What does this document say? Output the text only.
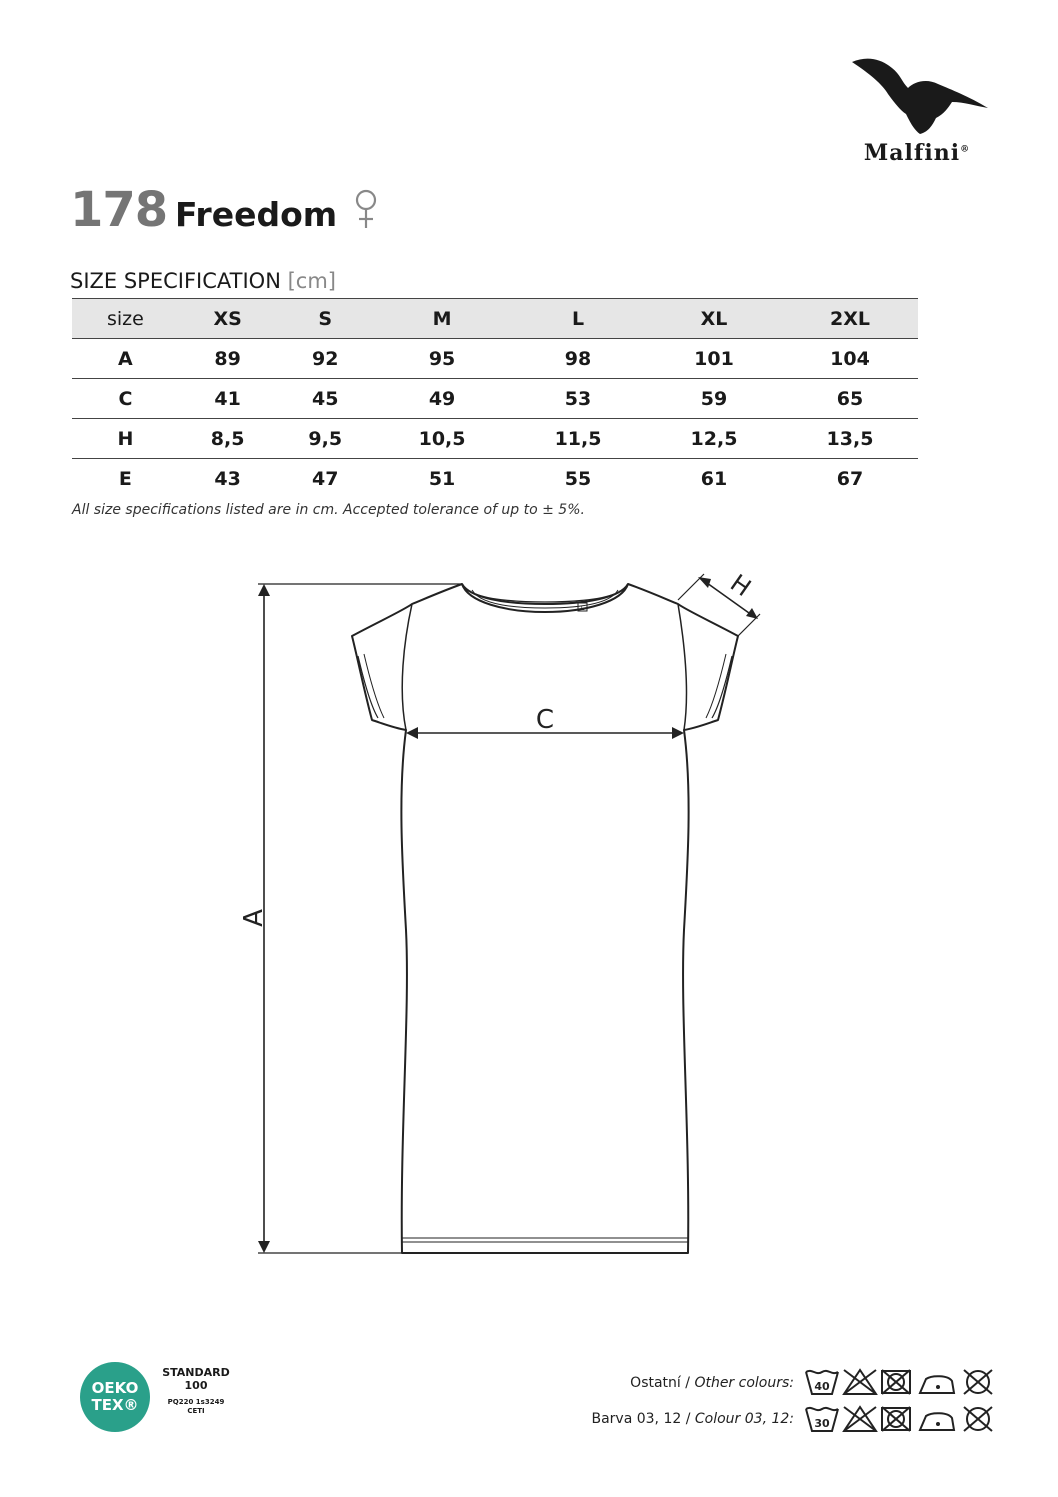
Malfini®
178 Freedom
SIZE SPECIFICATION [cm]
size	XS	S	M	L	XL	2XL
A	89	92	95	98	101	104
C	41	45	49	53	59	65
H	8,5	9,5	10,5	11,5	12,5	13,5
E	43	47	51	55	61	67
All size specifications listed are in cm. Accepted tolerance of up to ± 5%.
L
A
C
H
OEKO
TEX®
STANDARD
100
PQ220 1s3249
CETI
Ostatní / Other colours:
Barva 03, 12 / Colour 03, 12:
40
30
